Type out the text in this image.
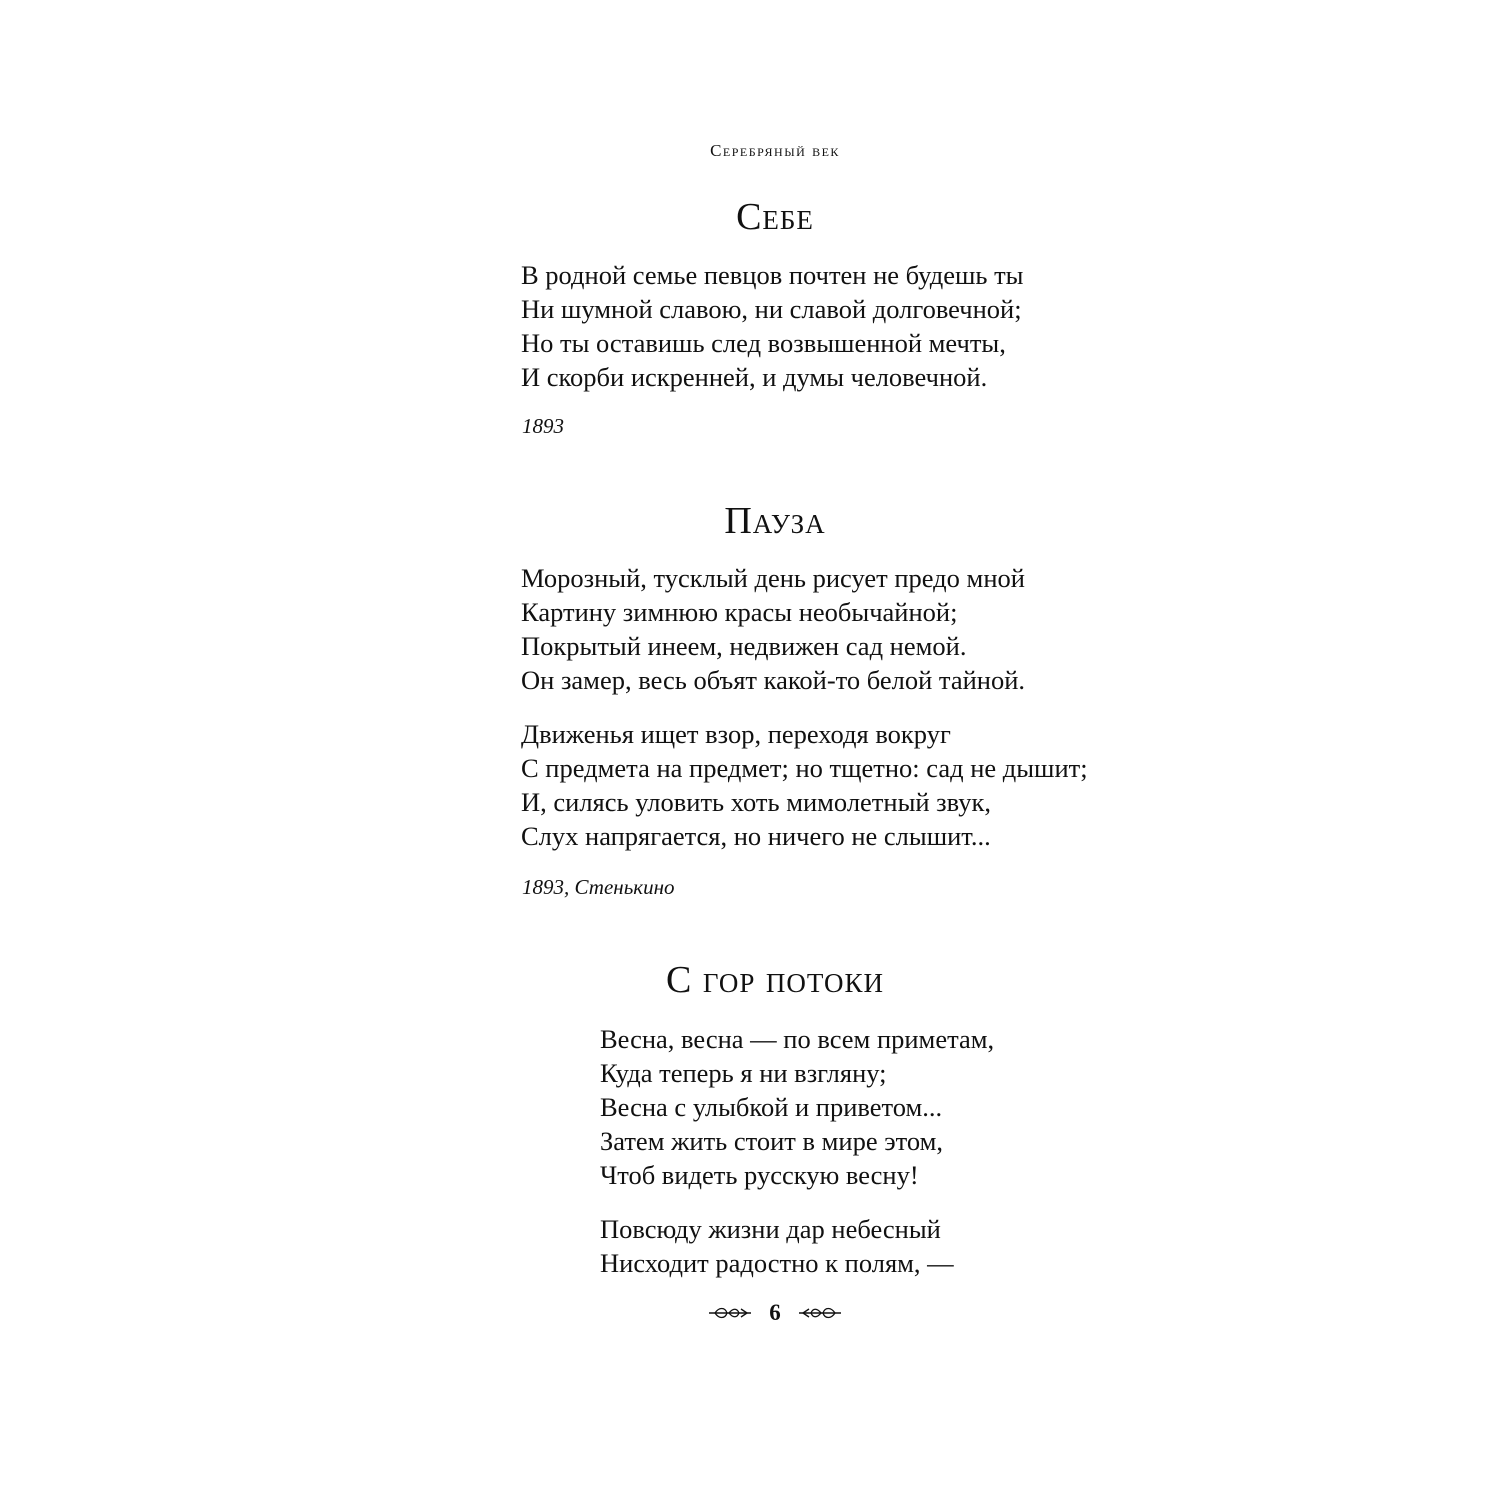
Серебряный век
Себе
В родной семье певцов почтен не будешь ты
Ни шумной славою, ни славой долговечной;
Но ты оставишь след возвышенной мечты,
И скорби искренней, и думы человечной.
1893
Пауза
Морозный, тусклый день рисует предо мной
Картину зимнюю красы необычайной;
Покрытый инеем, недвижен сад немой.
Он замер, весь объят какой-то белой тайной.
Движенья ищет взор, переходя вокруг
С предмета на предмет; но тщетно: сад не дышит;
И, силясь уловить хоть мимолетный звук,
Слух напрягается, но ничего не слышит...
1893, Стенькино
С гор потоки
Весна, весна — по всем приметам,
Куда теперь я ни взгляну;
Весна с улыбкой и приветом...
Затем жить стоит в мире этом,
Чтоб видеть русскую весну!
Повсюду жизни дар небесный
Нисходит радостно к полям, —
6
